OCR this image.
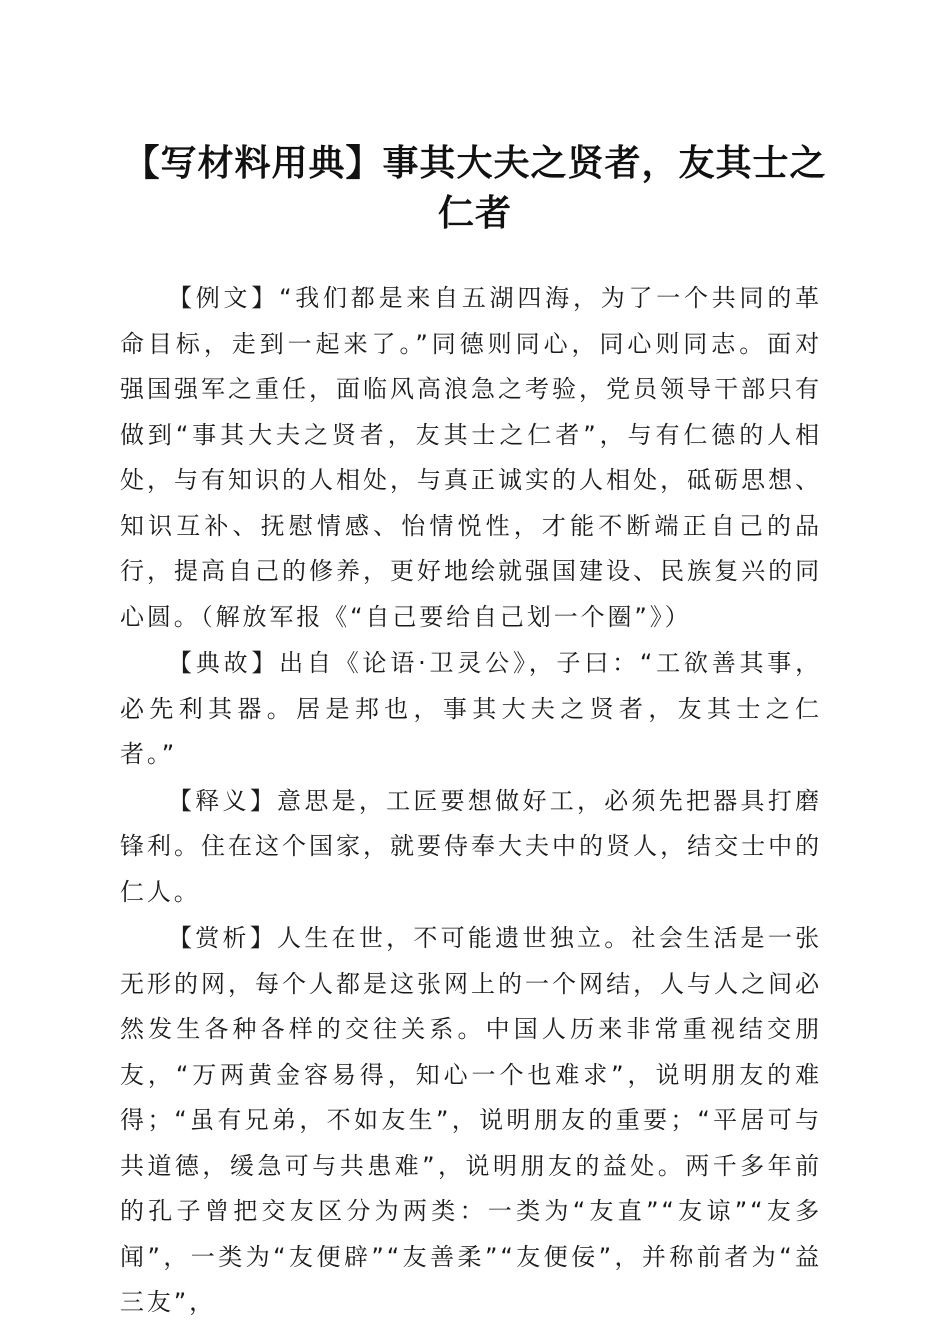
【写材料用典】事其大夫之贤者，友其士之仁者

【例文】“我们都是来自五湖四海，为了一个共同的革命目标，走到一起来了。”同德则同心，同心则同志。面对强国强军之重任，面临风高浪急之考验，党员领导干部只有做到“事其大夫之贤者，友其士之仁者”，与有仁德的人相处，与有知识的人相处，与真正诚实的人相处，砥砺思想、知识互补、抚慰情感、怡情悦性，才能不断端正自己的品行，提高自己的修养，更好地绘就强国建设、民族复兴的同心圆。（解放军报《“自己要给自己划一个圈”》）

【典故】出自《论语·卫灵公》，子曰：“工欲善其事，必先利其器。居是邦也，事其大夫之贤者，友其士之仁者。”

【释义】意思是，工匠要想做好工，必须先把器具打磨锋利。住在这个国家，就要侍奉大夫中的贤人，结交士中的仁人。

【赏析】人生在世，不可能遗世独立。社会生活是一张无形的网，每个人都是这张网上的一个网结，人与人之间必然发生各种各样的交往关系。中国人历来非常重视结交朋友，“万两黄金容易得，知心一个也难求”，说明朋友的难得；“虽有兄弟，不如友生”，说明朋友的重要；“平居可与共道德，缓急可与共患难”，说明朋友的益处。两千多年前的孔子曾把交友区分为两类：一类为“友直”“友谅”“友多闻”，一类为“友便辟”“友善柔”“友便佞”，并称前者为“益三友”，
